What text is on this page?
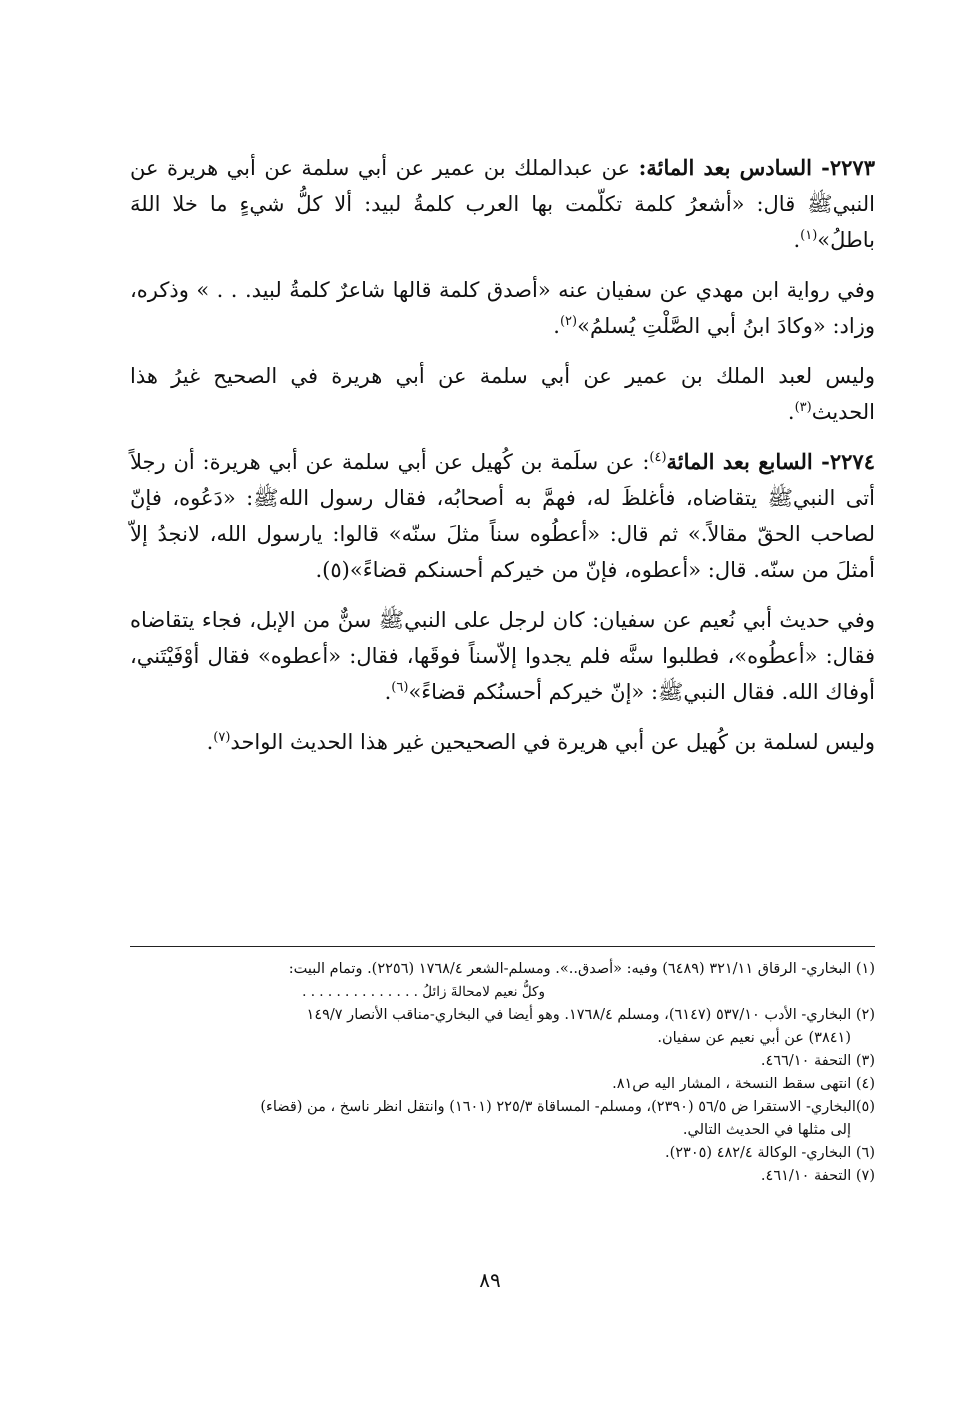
٢٢٧٣- السادس بعد المائة: عن عبدالملك بن عمير عن أبي سلمة عن أبي هريرة عن النبيﷺ قال: «أشعرُ كلمة تكلّمت بها العرب كلمةُ لبيد: ألا كلُّ شيءٍ ما خلا اللهَ باطلُ»$^{(١)}$.

وفي رواية ابن مهدي عن سفيان عنه «أصدق كلمة قالها شاعرٌ كلمةُ لبيد. . . » وذكره، وزاد: «وكادَ ابنُ أبي الصَّلْتِ يُسلمُ»$^{(٢)}$.

وليس لعبد الملك بن عمير عن أبي سلمة عن أبي هريرة في الصحيح غيرُ هذا الحديث$^{(٣)}$.

٢٢٧٤- السابع بعد المائة$^{(٤)}$: عن سلَمة بن كُهيل عن أبي سلمة عن أبي هريرة: أن رجلاً أتى النبيﷺ يتقاضاه، فأغلظَ له، فهمَّ به أصحابُه، فقال رسول اللهﷺ: «دَعُوه، فإنّ لصاحب الحقّ مقالاً.» ثم قال: «أعطُوه سناً مثلَ سنّه» قالوا: يارسول الله، لانجدُ إلاّ أمثلَ من سنّه. قال: «أعطوه، فإنّ من خيركم أحسنكم قضاءً»(٥).

وفي حديث أبي نُعيم عن سفيان: كان لرجل على النبيﷺ سنٌّ من الإبل، فجاء يتقاضاه فقال: «أعطُوه»، فطلبوا سنَّه فلم يجدوا إلاّسناً فوقَها، فقال: «أعطوه» فقال أوْفَيْتَني، أوفاك الله. فقال النبيﷺ: «إنّ خيركم أحسنُكم قضاءً»$^{(٦)}$.

وليس لسلمة بن كُهيل عن أبي هريرة في الصحيحين غير هذا الحديث الواحد$^{(٧)}$.

(١) البخاري- الرقاق ٣٢١/١١ (٦٤٨٩) وفيه: «أصدق..». ومسلم-الشعر ١٧٦٨/٤ (٢٢٥٦). وتمام البيت:
وكلُّ نعيم لامحالةَ زائلُ . . . . . . . . . . . . . .

(٢) البخاري- الأدب ٥٣٧/١٠ (٦١٤٧)، ومسلم ١٧٦٨/٤. وهو أيضا في البخاري-مناقب الأنصار ١٤٩/٧
(٣٨٤١) عن أبي نعيم عن سفيان.

(٣) التحفة ٤٦٦/١٠.

(٤) انتهى سقط النسخة ، المشار اليه ص٨١.

(٥)البخاري- الاستقرا ض ٥٦/٥ (٢٣٩٠)، ومسلم- المساقاة ٢٢٥/٣ (١٦٠١) وانتقل انظر ناسخ ، من (قضاء)
إلى مثلها في الحديث التالي.

(٦) البخاري- الوكالة ٤٨٢/٤ (٢٣٠٥).

(٧) التحفة ٤٦١/١٠.

٨٩
